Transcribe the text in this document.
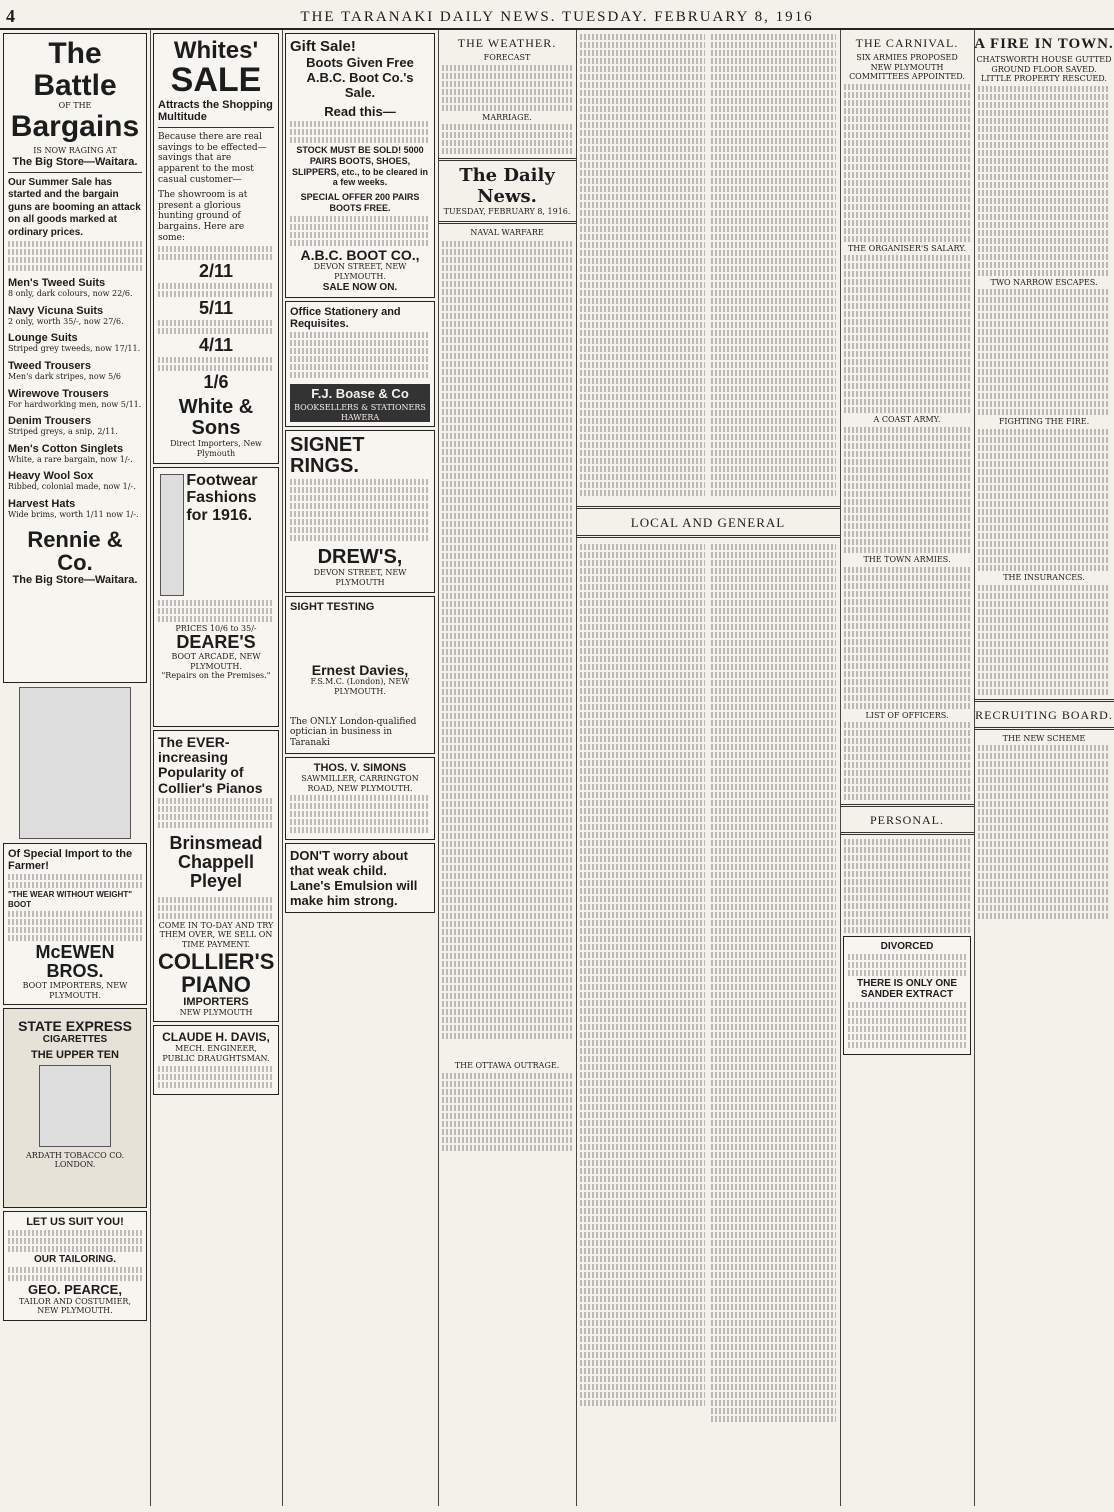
4	THE TARANAKI DAILY NEWS. TUESDAY. FEBRUARY 8, 1916
The Battle
OF THE
Bargains
IS NOW RAGING AT
The Big Store—Waitara.
Our Summer Sale has started and the bargain guns are booming an attack on all goods marked at ordinary prices.
Men's Tweed Suits
8 only, dark colours, now 22/6.
Navy Vicuna Suits
2 only, worth 35/-, now 27/6.
Lounge Suits
Striped grey tweeds, now 17/11.
Tweed Trousers
Men's dark stripes, now 5/6
Wirewove Trousers
For hardworking men, now 5/11.
Denim Trousers
Striped greys, a snip, 2/11.
Men's Cotton Singlets
White, a rare bargain, now 1/-.
Heavy Wool Sox
Ribbed, colonial made, now 1/-.
Harvest Hats
Wide brims, worth 1/11 now 1/-.
Rennie & Co.
The Big Store—Waitara.
Of Special Import to the Farmer!
"THE WEAR WITHOUT WEIGHT" BOOT
McEWEN BROS.
BOOT IMPORTERS, NEW PLYMOUTH.
STATE EXPRESS
CIGARETTES
THE UPPER TEN
ARDATH TOBACCO CO. LONDON.
LET US SUIT YOU!
OUR TAILORING.
GEO. PEARCE,
TAILOR AND COSTUMIER, NEW PLYMOUTH.
Whites'
SALE
Attracts the Shopping Multitude
Because there are real savings to be effected—savings that are apparent to the most casual customer—
The showroom is at present a glorious hunting ground of bargains. Here are some:
2/11
5/11
4/11
1/6
White & Sons
Direct Importers, New Plymouth
Footwear Fashions for 1916.
PRICES 10/6 to 35/-
DEARE'S
BOOT ARCADE, NEW PLYMOUTH.
"Repairs on the Premises."
The EVER-increasing Popularity of Collier's Pianos
Brinsmead Chappell Pleyel
COME IN TO-DAY AND TRY THEM OVER, WE SELL ON TIME PAYMENT.
COLLIER'S PIANO
IMPORTERS
NEW PLYMOUTH
CLAUDE H. DAVIS,
MECH. ENGINEER, PUBLIC DRAUGHTSMAN.
Gift Sale!
Boots Given Free
A.B.C. Boot Co.'s Sale.
Read this—
STOCK MUST BE SOLD! 5000 PAIRS BOOTS, SHOES, SLIPPERS, etc., to be cleared in a few weeks.
SPECIAL OFFER 200 PAIRS BOOTS FREE.
A.B.C. BOOT CO.,
DEVON STREET, NEW PLYMOUTH.
SALE NOW ON.
Office Stationery and Requisites.
F.J. Boase & Co
BOOKSELLERS & STATIONERS HAWERA
SIGNET RINGS.
DREW'S,
DEVON STREET, NEW PLYMOUTH
SIGHT TESTING
Ernest Davies,
F.S.M.C. (London), NEW PLYMOUTH.
The ONLY London-qualified optician in business in Taranaki
THOS. V. SIMONS
SAWMILLER, CARRINGTON ROAD, NEW PLYMOUTH.
DON'T worry about that weak child. Lane's Emulsion will make him strong.
THE WEATHER.
FORECAST
MARRIAGE.
The Daily News.
TUESDAY, FEBRUARY 8, 1916.
NAVAL WARFARE
THE OTTAWA OUTRAGE.
LOCAL AND GENERAL
THE CARNIVAL.
SIX ARMIES PROPOSED
NEW PLYMOUTH COMMITTEES APPOINTED.
THE ORGANISER'S SALARY.
A COAST ARMY.
THE TOWN ARMIES.
LIST OF OFFICERS.
PERSONAL.
DIVORCED
THERE IS ONLY ONE SANDER EXTRACT
A FIRE IN TOWN.
CHATSWORTH HOUSE GUTTED
GROUND FLOOR SAVED.
LITTLE PROPERTY RESCUED.
TWO NARROW ESCAPES.
FIGHTING THE FIRE.
THE INSURANCES.
RECRUITING BOARD.
THE NEW SCHEME
